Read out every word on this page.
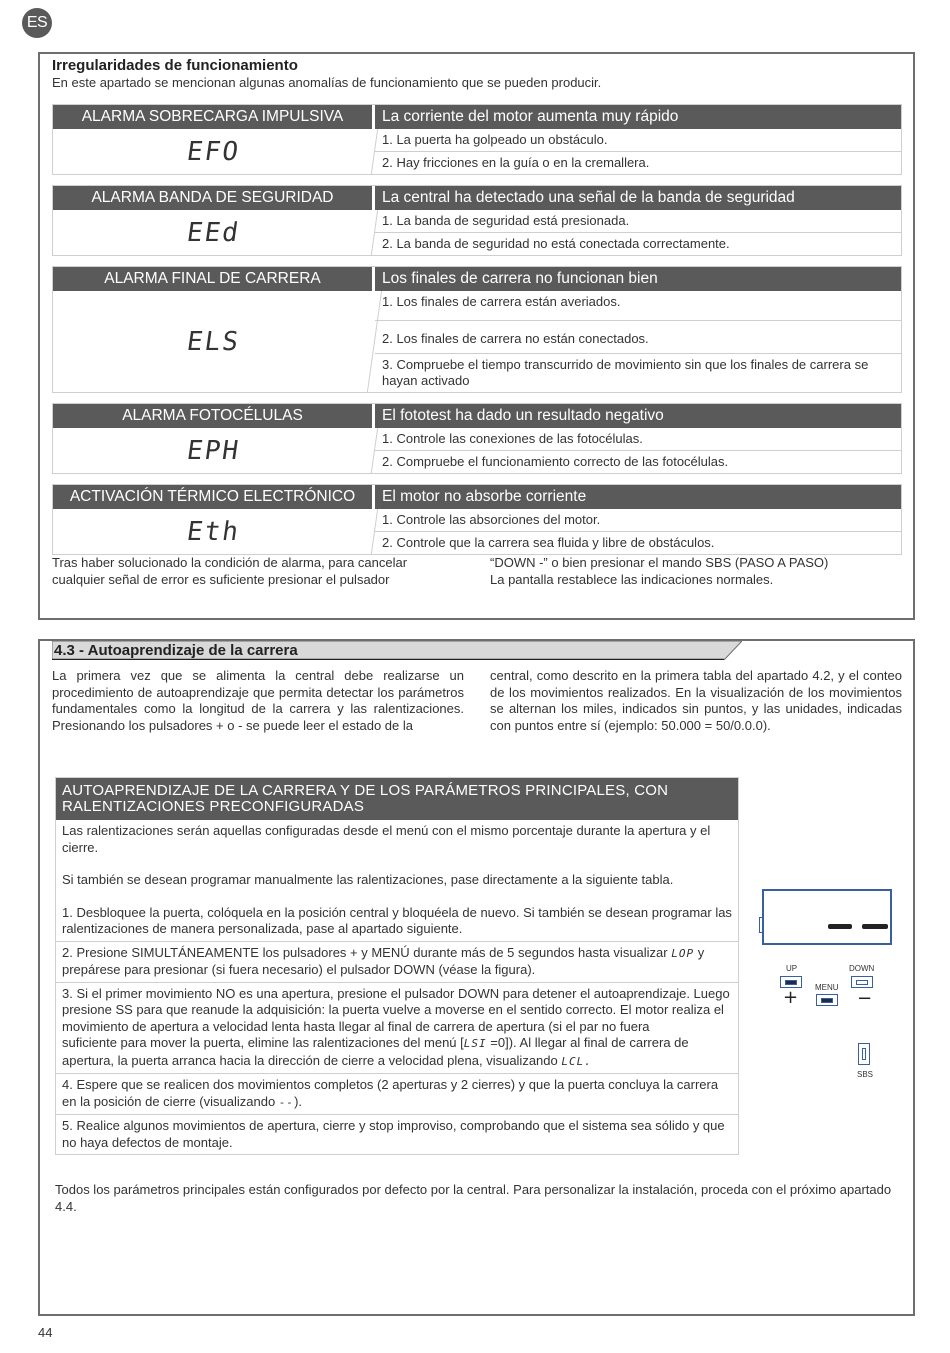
ES
Irregularidades de funcionamiento
En este apartado se mencionan algunas anomalías de funcionamiento que se pueden producir.
ALARMA SOBRECARGA IMPULSIVA	La corriente del motor aumenta muy rápido
EFO	1. La puerta ha golpeado un obstáculo.
2. Hay fricciones en la guía o en la cremallera.
ALARMA BANDA DE SEGURIDAD	La central ha detectado una señal de la banda de seguridad
EEd	1. La banda de seguridad está presionada.
2. La banda de seguridad no está conectada correctamente.
ALARMA FINAL DE CARRERA	Los finales de carrera no funcionan bien
ELS
1. Los finales de carrera están averiados.
2. Los finales de carrera no están conectados.
3. Compruebe el tiempo transcurrido de movimiento sin que los finales de carrera se hayan activado
ALARMA FOTOCÉLULAS	El fototest ha dado un resultado negativo
EPH	1. Controle las conexiones de las fotocélulas.
2. Compruebe el funcionamiento correcto de las fotocélulas.
ACTIVACIÓN TÉRMICO ELECTRÓNICO	El motor no absorbe corriente
Eth	1. Controle las absorciones del motor.
2. Controle que la carrera sea fluida y libre de obstáculos.
Tras haber solucionado la condición de alarma, para cancelar cualquier señal de error es suficiente presionar el pulsador
“DOWN -” o bien presionar el mando SBS (PASO A PASO)
La pantalla restablece las indicaciones normales.
4.3 - Autoaprendizaje de la carrera
La primera vez que se alimenta la central debe realizarse un procedimiento de autoaprendizaje que permita detectar los parámetros fundamentales como la longitud de la carrera y las ralentizaciones. Presionando los pulsadores + o - se puede leer el estado de la
central, como descrito en la primera tabla del apartado 4.2, y el conteo de los movimientos realizados. En la visualización de los movimientos se alternan los miles, indicados sin puntos, y las unidades, indicadas con puntos entre sí (ejemplo: 50.000 = 50/0.0.0).
AUTOAPRENDIZAJE DE LA CARRERA Y DE LOS PARÁMETROS PRINCIPALES, CON RALENTIZACIONES PRECONFIGURADAS

Las ralentizaciones serán aquellas configuradas desde el menú con el mismo porcentaje durante la apertura y el cierre.

Si también se desean programar manualmente las ralentizaciones, pase directamente a la siguiente tabla.

1. Desbloquee la puerta, colóquela en la posición central y bloquéela de nuevo. Si también se desean programar las ralentizaciones de manera personalizada, pase al apartado siguiente.

2. Presione SIMULTÁNEAMENTE los pulsadores + y MENÚ durante más de 5 segundos hasta visualizar LOP y prepárese para presionar (si fuera necesario) el pulsador DOWN (véase la figura).

3. Si el primer movimiento NO es una apertura, presione el pulsador DOWN para detener el autoaprendizaje. Luego presione SS para que reanude la adquisición: la puerta vuelve a moverse en el sentido correcto. El motor realiza el movimiento de apertura a velocidad lenta hasta llegar al final de carrera de apertura (si el par no fuera

suficiente para mover la puerta, elimine las ralentizaciones del menú [LSI =0]). Al llegar al final de carrera de apertura, la puerta arranca hacia la dirección de cierre a velocidad plena, visualizando LCL.

4. Espere que se realicen dos movimientos completos (2 aperturas y 2 cierres) y que la puerta concluya la carrera en la posición de cierre (visualizando --).
5. Realice algunos movimientos de apertura, cierre y stop improviso, comprobando que el sistema sea sólido y que no haya defectos de montaje.
UP
+ MENU
DOWN
−
SBS
Todos los parámetros principales están configurados por defecto por la central. Para personalizar la instalación, proceda con el próximo apartado 4.4.
44
